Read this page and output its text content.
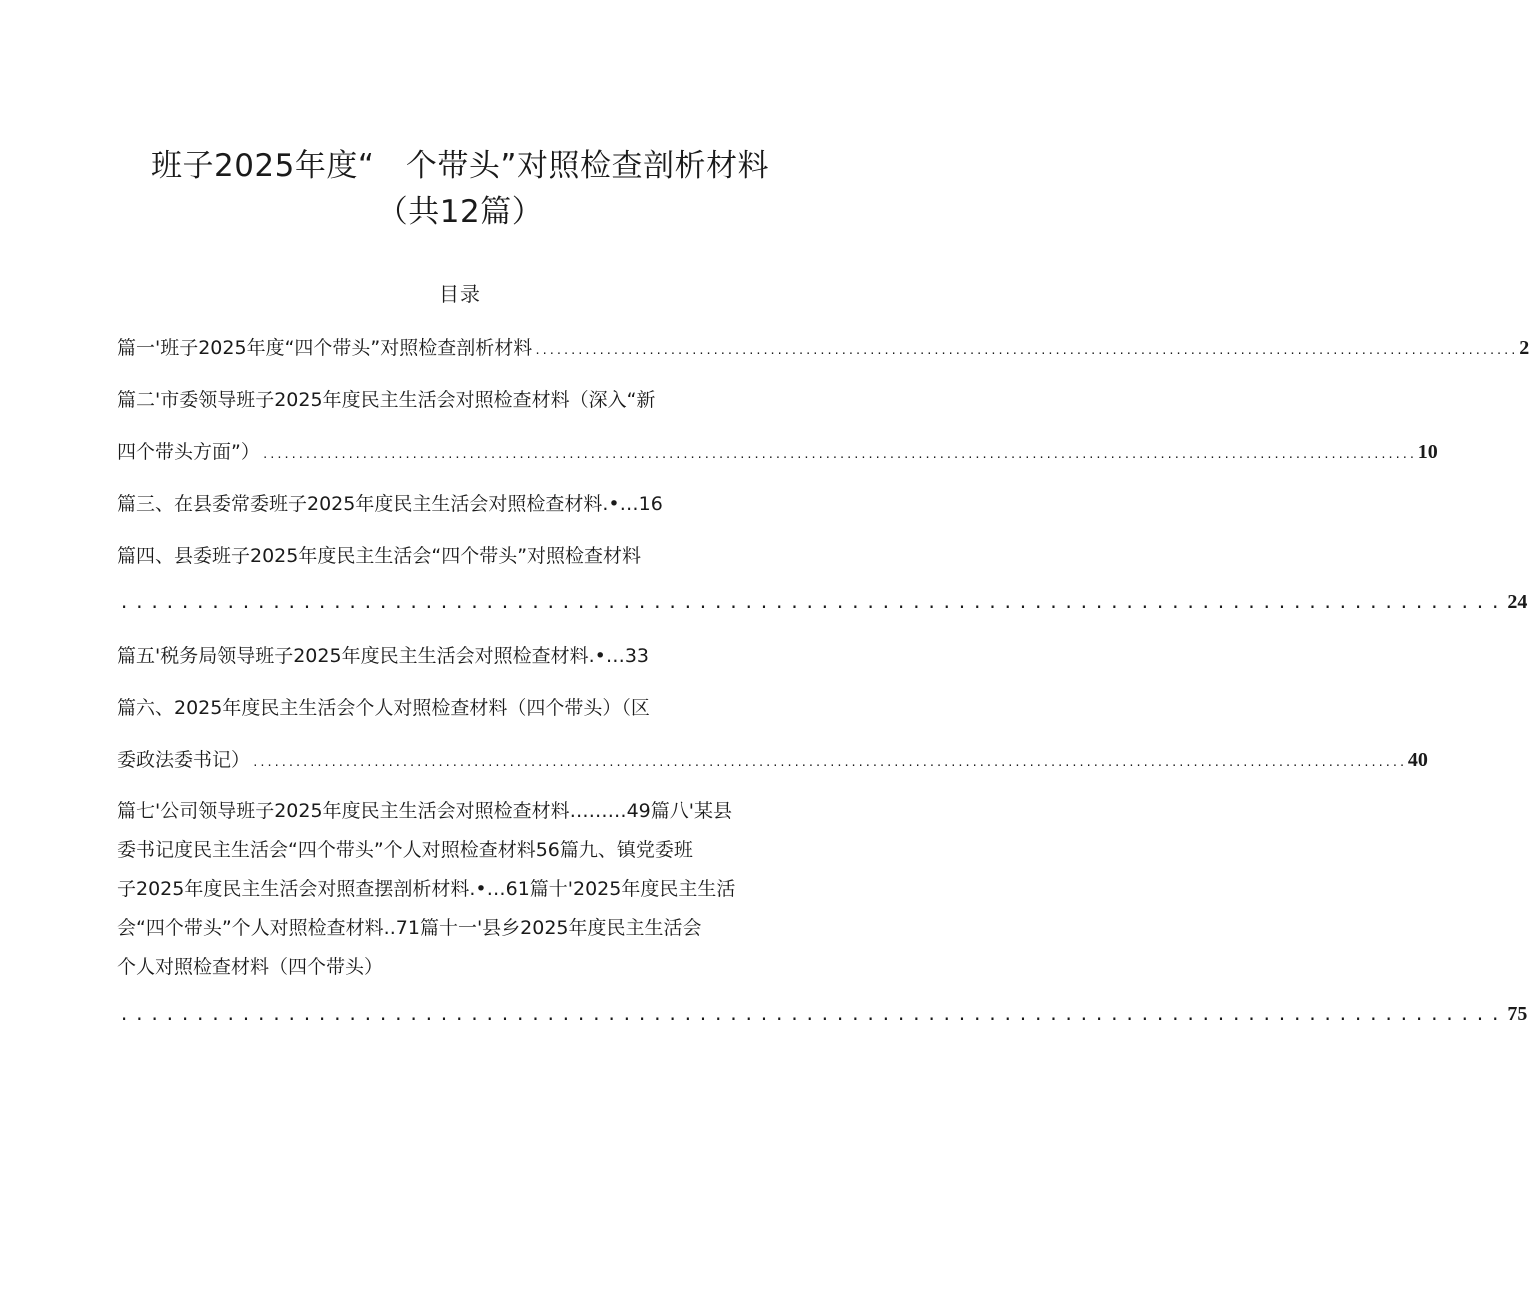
班子2025年度“　个带头”对照检查剖析材料
（共12篇）
目录
篇一'班子2025年度“四个带头”对照检查剖析材料 .......................................................................................................................................... 2
篇二'市委领导班子2025年度民主生活会对照检查材料（深入“新
四个带头方面”） .................................................................................................................................................................. 10
篇三、在县委常委班子2025年度民主生活会对照检查材料.•…16
篇四、县委班子2025年度民主生活会“四个带头”对照检查材料
........................................................................................... 24
篇五'税务局领导班子2025年度民主生活会对照检查材料.•…33
篇六、2025年度民主生活会个人对照检查材料（四个带头）（区
委政法委书记） .................................................................................................................................................................. 40
篇七'公司领导班子2025年度民主生活会对照检查材料………49篇八'某县
委书记度民主生活会“四个带头”个人对照检查材料56篇九、镇党委班
子2025年度民主生活会对照查摆剖析材料.•…61篇十'2025年度民主生活
会“四个带头”个人对照检查材料..71篇十一'县乡2025年度民主生活会
个人对照检查材料（四个带头）
........................................................................................... 75
